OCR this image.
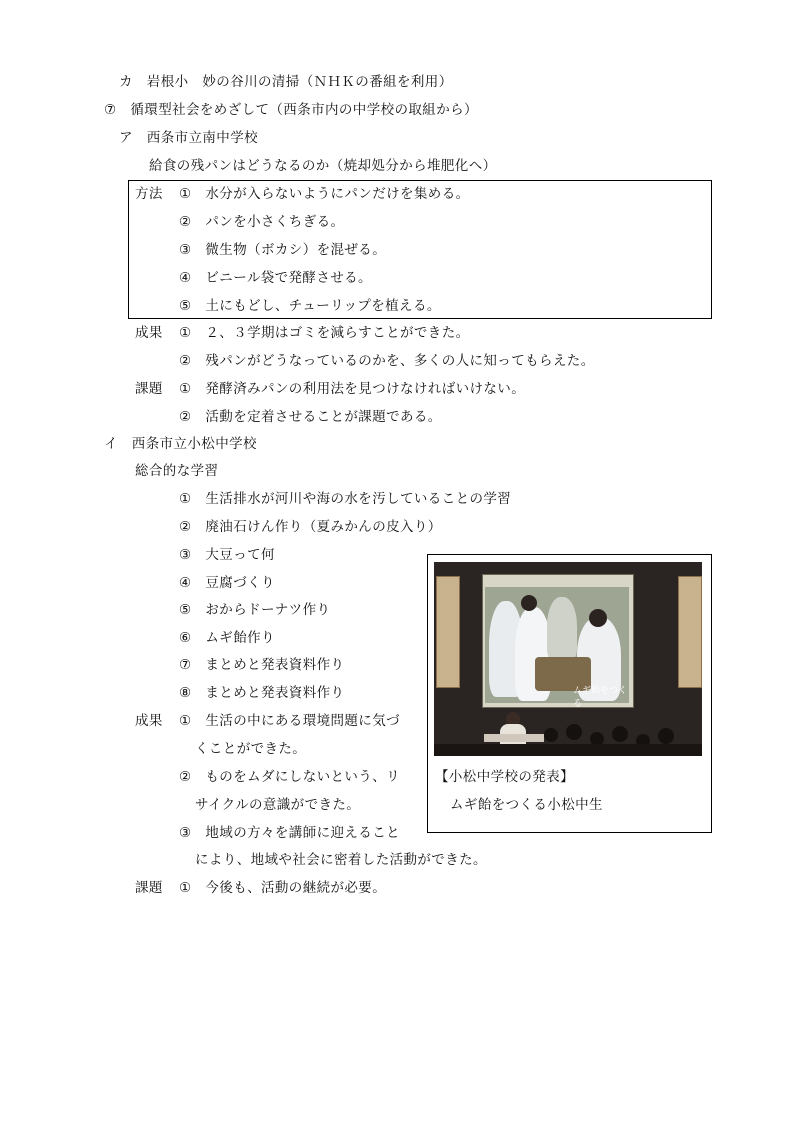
カ　岩根小　妙の谷川の清掃（ＮＨＫの番組を利用）
⑦　循環型社会をめざして（西条市内の中学校の取組から）
ア　西条市立南中学校
給食の残パンはどうなるのか（焼却処分から堆肥化へ）
方法 ①　水分が入らないようにパンだけを集める。
②　パンを小さくちぎる。
③　微生物（ボカシ）を混ぜる。
④　ビニール袋で発酵させる。
⑤　土にもどし、チューリップを植える。
成果 ①　２、３学期はゴミを減らすことができた。
②　残パンがどうなっているのかを、多くの人に知ってもらえた。
課題 ①　発酵済みパンの利用法を見つけなければいけない。
②　活動を定着させることが課題である。
イ　西条市立小松中学校
総合的な学習
①　生活排水が河川や海の水を汚していることの学習
②　廃油石けん作り（夏みかんの皮入り）
③　大豆って何
④　豆腐づくり
⑤　おからドーナツ作り
⑥　ムギ飴作り
⑦　まとめと発表資料作り
⑧　まとめと発表資料作り
成果 ①　生活の中にある環境問題に気づ
くことができた。
②　ものをムダにしないという、リ
サイクルの意識ができた。
③　地域の方々を講師に迎えること
により、地域や社会に密着した活動ができた。
課題 ①　今後も、活動の継続が必要。
ムギ飴をつくる
【小松中学校の発表】
ムギ飴をつくる小松中生
